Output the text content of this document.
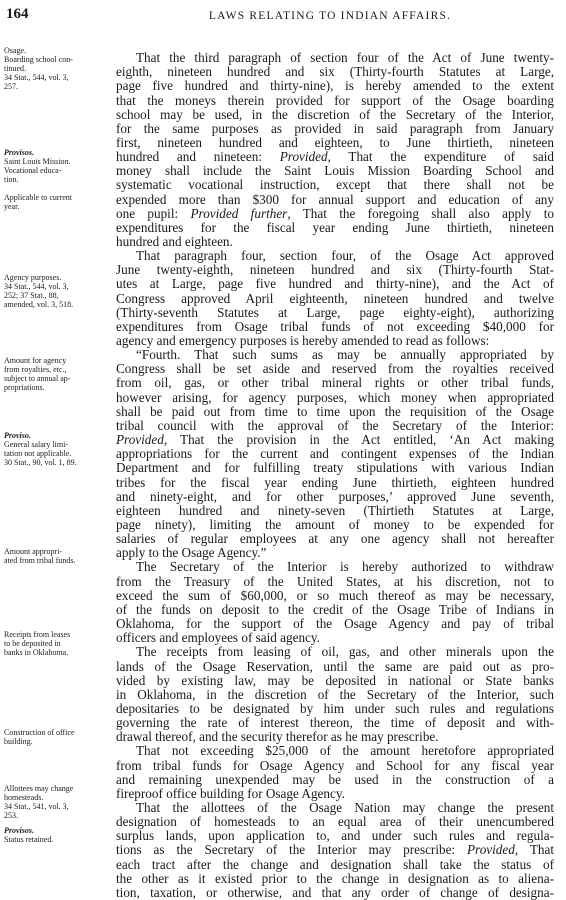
164	LAWS RELATING TO INDIAN AFFAIRS.
Osage.
Boarding school con-
tinued.
34 Stat., 544, vol. 3,
257.
Provisos.
Saint Louis Mission.
Vocational educa-
tion.
Applicable to current
year.
Agency purposes.
34 Stat., 544, vol. 3,
252; 37 Stat., 88,
amended, vol. 3, 518.
Amount for agency
from royalties, etc.,
subject to annual ap-
propriations.
Proviso.
General salary limi-
tation not applicable.
30 Stat., 90, vol. 1, 89.
Amount appropri-
ated from tribal funds.
Receipts from leases
to be deposited in
banks in Oklahoma.
Construction of office
building.
Allottees may change
homesteads.
34 Stat., 541, vol. 3,
253.
Provisos.
Status retained.
That the third paragraph of section four of the Act of June twenty-
eighth, nineteen hundred and six (Thirty-fourth Statutes at Large,
page five hundred and thirty-nine), is hereby amended to the extent
that the moneys therein provided for support of the Osage boarding
school may be used, in the discretion of the Secretary of the Interior,
for the same purposes as provided in said paragraph from January
first, nineteen hundred and eighteen, to June thirtieth, nineteen
hundred and nineteen: Provided, That the expenditure of said
money shall include the Saint Louis Mission Boarding School and
systematic vocational instruction, except that there shall not be
expended more than $300 for annual support and education of any
one pupil: Provided further, That the foregoing shall also apply to
expenditures for the fiscal year ending June thirtieth, nineteen
hundred and eighteen.
That paragraph four, section four, of the Osage Act approved
June twenty-eighth, nineteen hundred and six (Thirty-fourth Stat-
utes at Large, page five hundred and thirty-nine), and the Act of
Congress approved April eighteenth, nineteen hundred and twelve
(Thirty-seventh Statutes at Large, page eighty-eight), authorizing
expenditures from Osage tribal funds of not exceeding $40,000 for
agency and emergency purposes is hereby amended to read as follows:
“Fourth. That such sums as may be annually appropriated by
Congress shall be set aside and reserved from the royalties received
from oil, gas, or other tribal mineral rights or other tribal funds,
however arising, for agency purposes, which money when appropriated
shall be paid out from time to time upon the requisition of the Osage
tribal council with the approval of the Secretary of the Interior:
Provided, That the provision in the Act entitled, ‘An Act making
appropriations for the current and contingent expenses of the Indian
Department and for fulfilling treaty stipulations with various Indian
tribes for the fiscal year ending June thirtieth, eighteen hundred
and ninety-eight, and for other purposes,’ approved June seventh,
eighteen hundred and ninety-seven (Thirtieth Statutes at Large,
page ninety), limiting the amount of money to be expended for
salaries of regular employees at any one agency shall not hereafter
apply to the Osage Agency.”
The Secretary of the Interior is hereby authorized to withdraw
from the Treasury of the United States, at his discretion, not to
exceed the sum of $60,000, or so much thereof as may be necessary,
of the funds on deposit to the credit of the Osage Tribe of Indians in
Oklahoma, for the support of the Osage Agency and pay of tribal
officers and employees of said agency.
The receipts from leasing of oil, gas, and other minerals upon the
lands of the Osage Reservation, until the same are paid out as pro-
vided by existing law, may be deposited in national or State banks
in Oklahoma, in the discretion of the Secretary of the Interior, such
depositaries to be designated by him under such rules and regulations
governing the rate of interest thereon, the time of deposit and with-
drawal thereof, and the security therefor as he may prescribe.
That not exceeding $25,000 of the amount heretofore appropriated
from tribal funds for Osage Agency and School for any fiscal year
and remaining unexpended may be used in the construction of a
fireproof office building for Osage Agency.
That the allottees of the Osage Nation may change the present
designation of homesteads to an equal area of their unencumbered
surplus lands, upon application to, and under such rules and regula-
tions as the Secretary of the Interior may prescribe: Provided, That
each tract after the change and designation shall take the status of
the other as it existed prior to the change in designation as to aliena-
tion, taxation, or otherwise, and that any order of change of designa-
